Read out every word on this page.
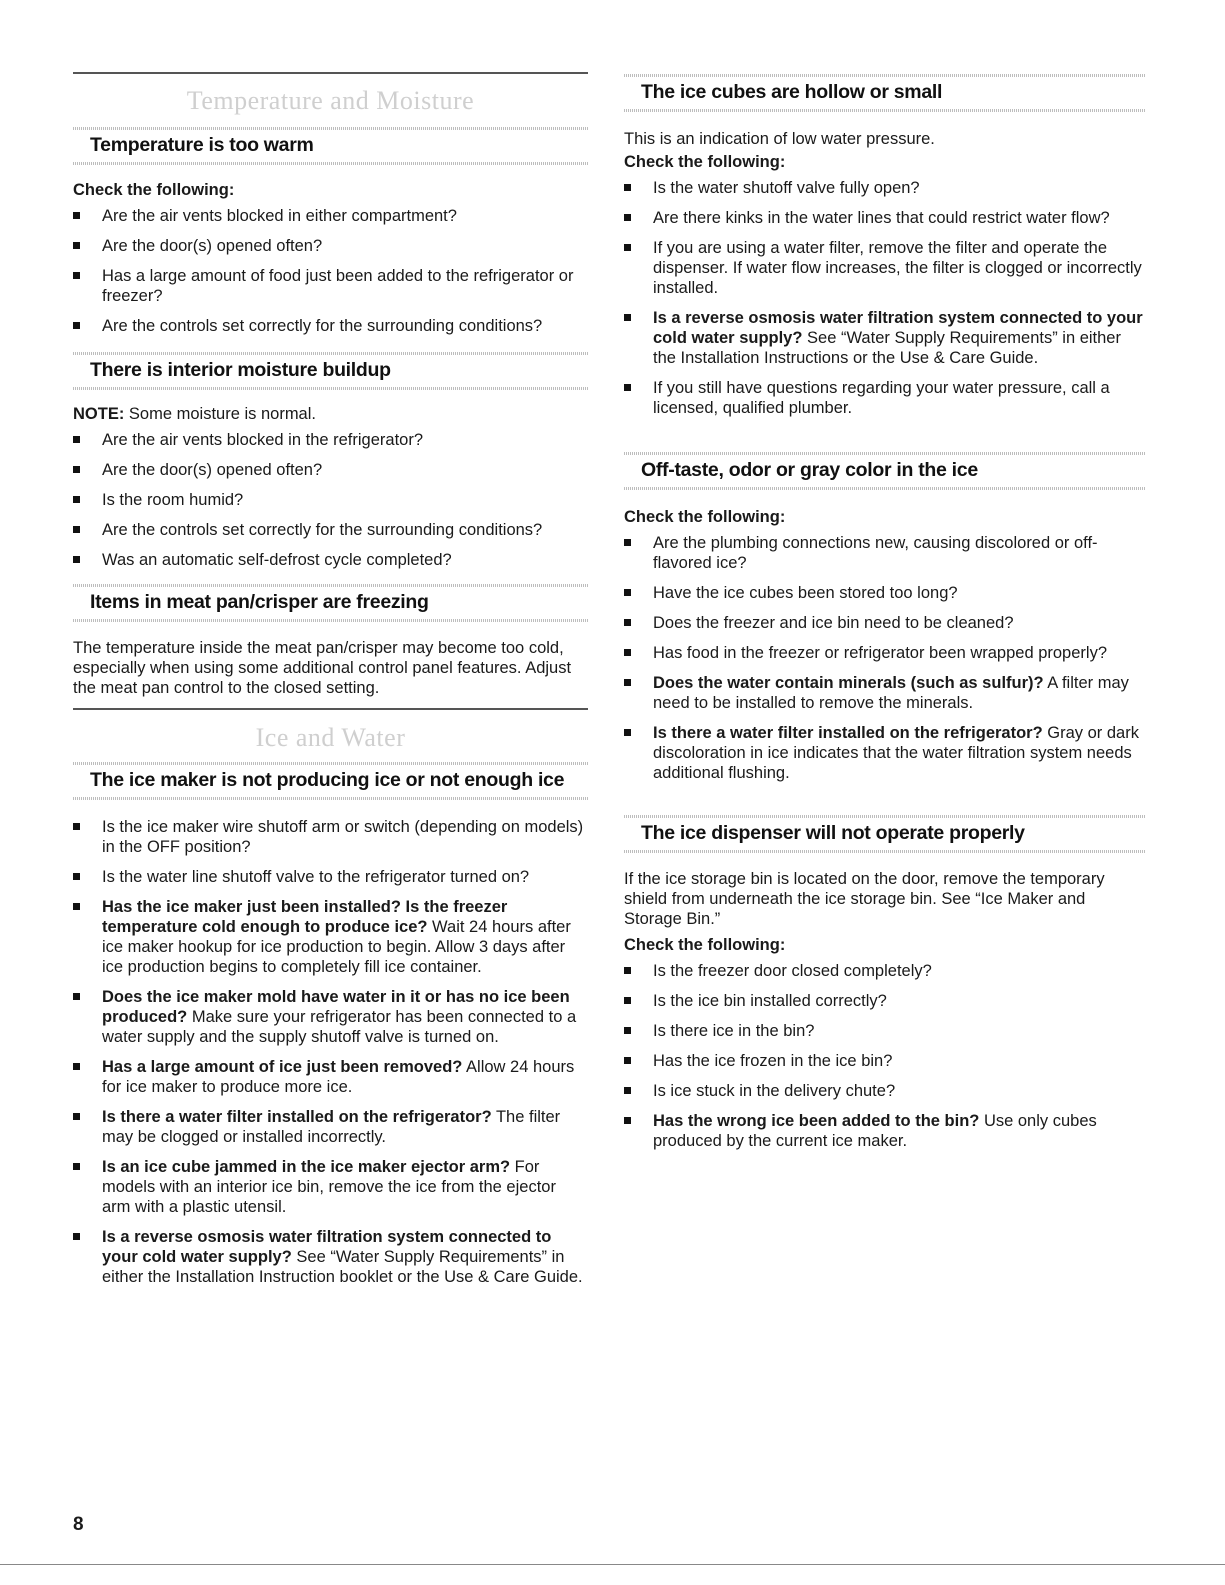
Temperature and Moisture
Temperature is too warm

Check the following:

Are the air vents blocked in either compartment?
Are the door(s) opened often?
Has a large amount of food just been added to the refrigerator or freezer?
Are the controls set correctly for the surrounding conditions?
There is interior moisture buildup

NOTE: Some moisture is normal.

Are the air vents blocked in the refrigerator?
Are the door(s) opened often?
Is the room humid?
Are the controls set correctly for the surrounding conditions?
Was an automatic self-defrost cycle completed?
Items in meat pan/crisper are freezing

The temperature inside the meat pan/crisper may become too cold, especially when using some additional control panel features. Adjust the meat pan control to the closed setting.

Ice and Water
The ice maker is not producing ice or not enough ice
Is the ice maker wire shutoff arm or switch (depending on models) in the OFF position?
Is the water line shutoff valve to the refrigerator turned on?
Has the ice maker just been installed? Is the freezer temperature cold enough to produce ice? Wait 24 hours after ice maker hookup for ice production to begin. Allow 3 days after ice production begins to completely fill ice container.
Does the ice maker mold have water in it or has no ice been produced? Make sure your refrigerator has been connected to a water supply and the supply shutoff valve is turned on.
Has a large amount of ice just been removed? Allow 24 hours for ice maker to produce more ice.
Is there a water filter installed on the refrigerator? The filter may be clogged or installed incorrectly.
Is an ice cube jammed in the ice maker ejector arm? For models with an interior ice bin, remove the ice from the ejector arm with a plastic utensil.
Is a reverse osmosis water filtration system connected to your cold water supply? See “Water Supply Requirements” in either the Installation Instruction booklet or the Use & Care Guide.
The ice cubes are hollow or small

This is an indication of low water pressure.

Check the following:

Is the water shutoff valve fully open?
Are there kinks in the water lines that could restrict water flow?
If you are using a water filter, remove the filter and operate the dispenser. If water flow increases, the filter is clogged or incorrectly installed.
Is a reverse osmosis water filtration system connected to your cold water supply? See “Water Supply Requirements” in either the Installation Instructions or the Use & Care Guide.
If you still have questions regarding your water pressure, call a licensed, qualified plumber.
Off-taste, odor or gray color in the ice

Check the following:

Are the plumbing connections new, causing discolored or off-flavored ice?
Have the ice cubes been stored too long?
Does the freezer and ice bin need to be cleaned?
Has food in the freezer or refrigerator been wrapped properly?
Does the water contain minerals (such as sulfur)? A filter may need to be installed to remove the minerals.
Is there a water filter installed on the refrigerator? Gray or dark discoloration in ice indicates that the water filtration system needs additional flushing.
The ice dispenser will not operate properly

If the ice storage bin is located on the door, remove the temporary shield from underneath the ice storage bin. See “Ice Maker and Storage Bin.”

Check the following:

Is the freezer door closed completely?
Is the ice bin installed correctly?
Is there ice in the bin?
Has the ice frozen in the ice bin?
Is ice stuck in the delivery chute?
Has the wrong ice been added to the bin? Use only cubes produced by the current ice maker.
8
